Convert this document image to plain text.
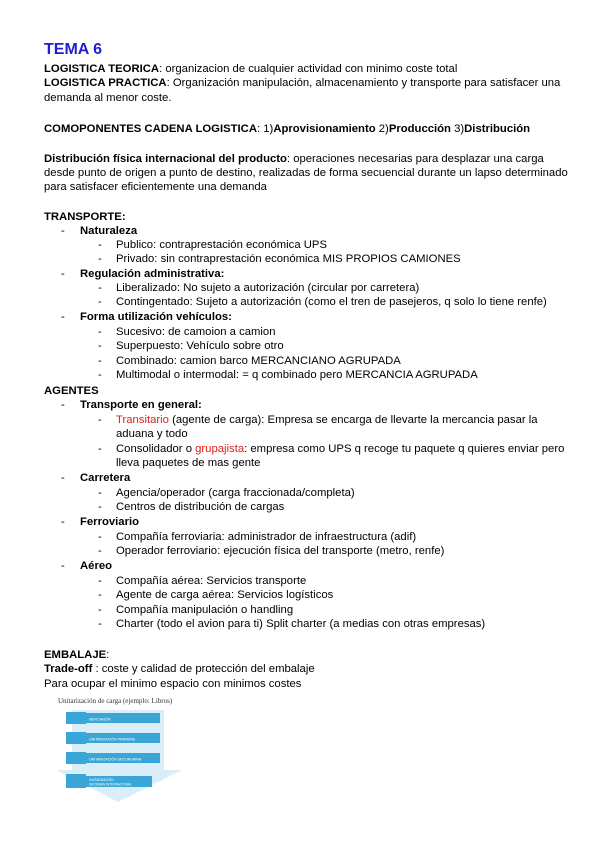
TEMA 6
LOGISTICA TEORICA: organizacion de cualquier actividad con minimo coste total
LOGISTICA PRACTICA: Organización manipulación, almacenamiento y transporte para satisfacer una
demanda al menor coste.
COMOPONENTES CADENA LOGISTICA: 1)Aprovisionamiento 2)Producción 3)Distribución
Distribución física internacional del producto: operaciones necesarias para desplazar una carga
desde punto de origen a punto de destino, realizadas de forma secuencial durante un lapso determinado
para satisfacer eficientemente una demanda
TRANSPORTE:
- Naturaleza
- Publico: contraprestación económica UPS
- Privado: sin contraprestación económica MIS PROPIOS CAMIONES
- Regulación administrativa:
- Liberalizado: No sujeto a autorización (circular por carretera)
- Contingentado: Sujeto a autorización (como el tren de pasejeros, q solo lo tiene renfe)
- Forma utilización vehículos:
- Sucesivo: de camoion a camion
- Superpuesto: Vehículo sobre otro
- Combinado: camion barco MERCANCIANO AGRUPADA
- Multimodal o intermodal: = q combinado pero MERCANCIA AGRUPADA
AGENTES
- Transporte en general:
- Transitario (agente de carga): Empresa se encarga de llevarte la mercancia pasar la
aduana y todo
- Consolidador o grupajista: empresa como UPS q recoge tu paquete q quieres enviar pero
lleva paquetes de mas gente
- Carretera
- Agencia/operador (carga fraccionada/completa)
- Centros de distribución de cargas
- Ferroviario
- Compañía ferroviaria: administrador de infraestructura (adif)
- Operador ferroviario: ejecución física del transporte (metro, renfe)
- Aéreo
- Compañía aérea: Servicios transporte
- Agente de carga aérea: Servicios logísticos
- Compañía manipulación o handling
- Charter (todo el avion para ti) Split charter (a medias con otras empresas)
EMBALAJE:
Trade-off : coste y calidad de protección del embalaje
Para ocupar el minimo espacio con minimos costes
Unitarización de carga (ejemplo: Libros)
MERCANCÍA
UNITARIZACIÓN PRIMARIA
UNITARIZACIÓN SECUNDARIA
UNITARIZACIÓN
SISTEMAS INTERNACIONAL
